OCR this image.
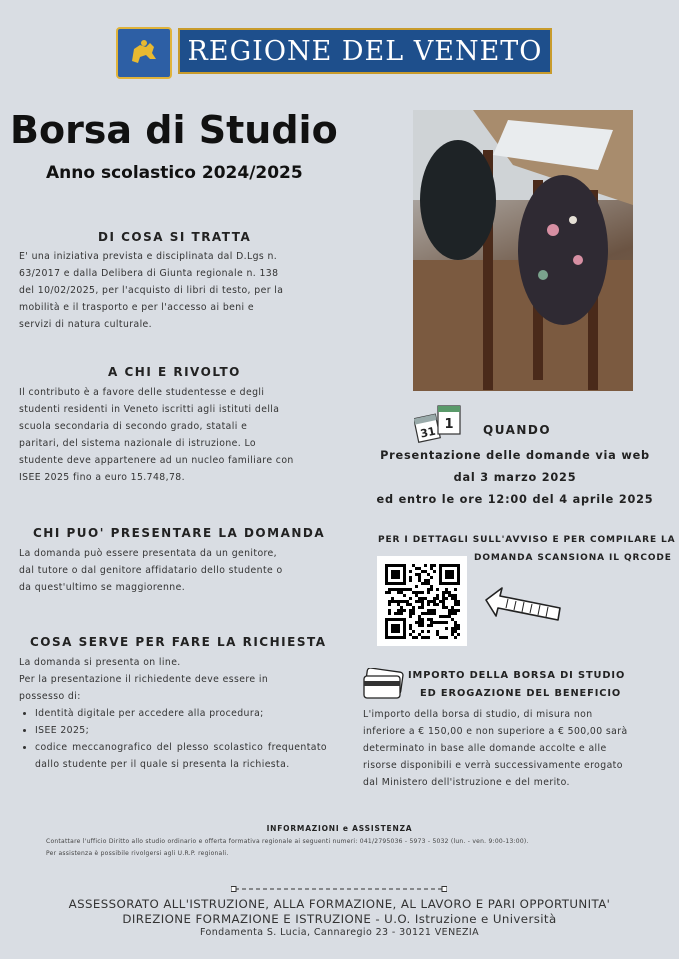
REGIONE DEL VENETO
Borsa di Studio
Anno scolastico 2024/2025
DI COSA SI TRATTA
E' una iniziativa prevista e disciplinata dal D.Lgs n.
63/2017 e dalla Delibera di Giunta regionale n. 138
del 10/02/2025, per l'acquisto di libri di testo, per la
mobilità e il trasporto e per l'accesso ai beni e
servizi di natura culturale.
A CHI E RIVOLTO
Il contributo è a favore delle studentesse e degli
studenti residenti in Veneto iscritti agli istituti della
scuola secondaria di secondo grado, statali e
paritari, del sistema nazionale di istruzione. Lo
studente deve appartenere ad un nucleo familiare con
ISEE 2025 fino a euro 15.748,78.
CHI PUO' PRESENTARE LA DOMANDA
La domanda può essere presentata da un genitore,
dal tutore o dal genitore affidatario dello studente o
da quest'ultimo se maggiorenne.
COSA SERVE PER FARE LA RICHIESTA
La domanda si presenta on line.
Per la presentazione il richiedente deve essere in
possesso di:
• Identità digitale per accedere alla procedura;
• ISEE 2025;
• codice meccanografico del plesso scolastico frequentato dallo studente per il quale si presenta la richiesta.
31
1 QUANDO
Presentazione delle domande via web
dal 3 marzo 2025
ed entro le ore 12:00 del 4 aprile 2025
PER I DETTAGLI SULL'AVVISO E PER COMPILARE LA
DOMANDA SCANSIONA IL QRCODE
IMPORTO DELLA BORSA DI STUDIO
ED EROGAZIONE DEL BENEFICIO
L'importo della borsa di studio, di misura non
inferiore a € 150,00 e non superiore a € 500,00 sarà
determinato in base alle domande accolte e alle
risorse disponibili e verrà successivamente erogato
dal Ministero dell'istruzione e del merito.
INFORMAZIONI e ASSISTENZA
Contattare l'ufficio Diritto allo studio ordinario e offerta formativa regionale ai seguenti numeri: 041/2795036 - 5973 - 5032 (lun. - ven. 9:00-13:00).
Per assistenza è possibile rivolgersi agli U.R.P. regionali.
ASSESSORATO ALL'ISTRUZIONE, ALLA FORMAZIONE, AL LAVORO E PARI OPPORTUNITA'
DIREZIONE FORMAZIONE E ISTRUZIONE - U.O. Istruzione e Università
Fondamenta S. Lucia, Cannaregio 23 - 30121 VENEZIA
